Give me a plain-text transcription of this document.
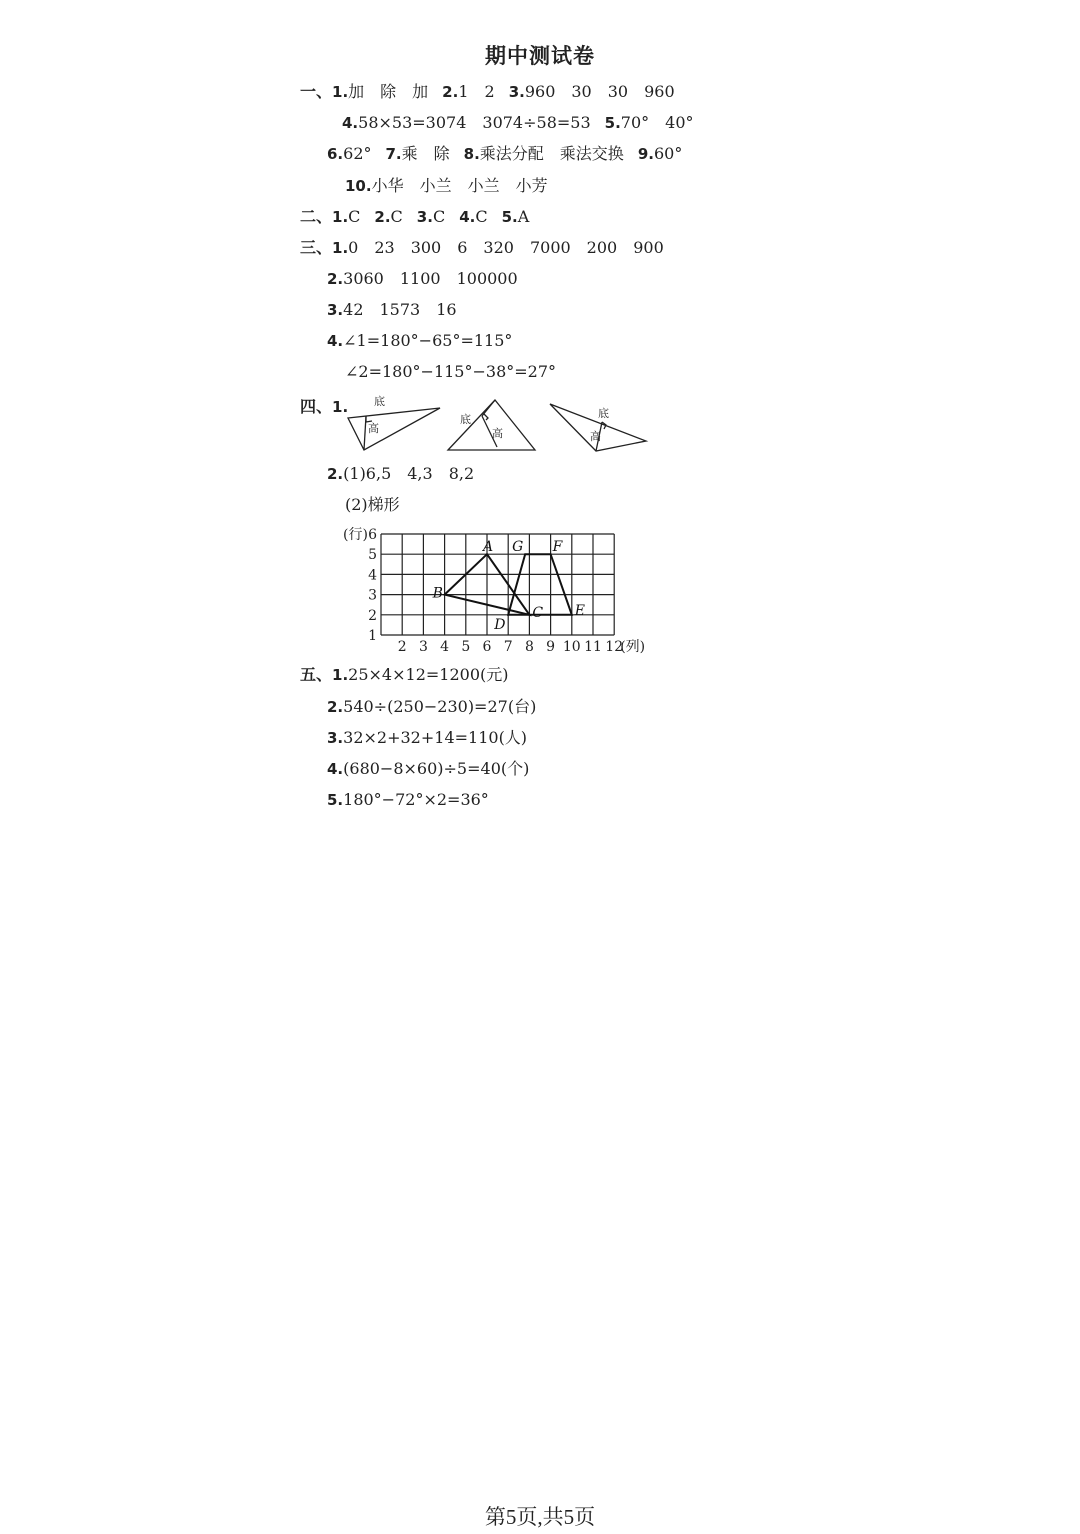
期中测试卷
一、1.加　除　加 2.1　2 3.960　30　30　960
4.58×53=3074　3074÷58=53 5.70°　40°
6.62° 7.乘　除 8.乘法分配　乘法交换 9.60°
10.小华　小兰　小兰　小芳
二、1.C 2.C 3.C 4.C 5.A
三、1.0　23　300　6　320　7000　200　900
2.3060　1100　100000
3.42　1573　16
4.∠1=180°−65°=115°
∠2=180°−115°−38°=27°
四、1. 底
高
底
高
底
高
2.(1)6,5　4,3　8,2
(2)梯形
1
2
3
4
5
6
2 3 4 5 6 7 8 9 10 11 12
(行)
(列)
A
B
C
D
G F
E
五、1.25×4×12=1200(元)
2.540÷(250−230)=27(台)
3.32×2+32+14=110(人)
4.(680−8×60)÷5=40(个)
5.180°−72°×2=36°
第5页,共5页
